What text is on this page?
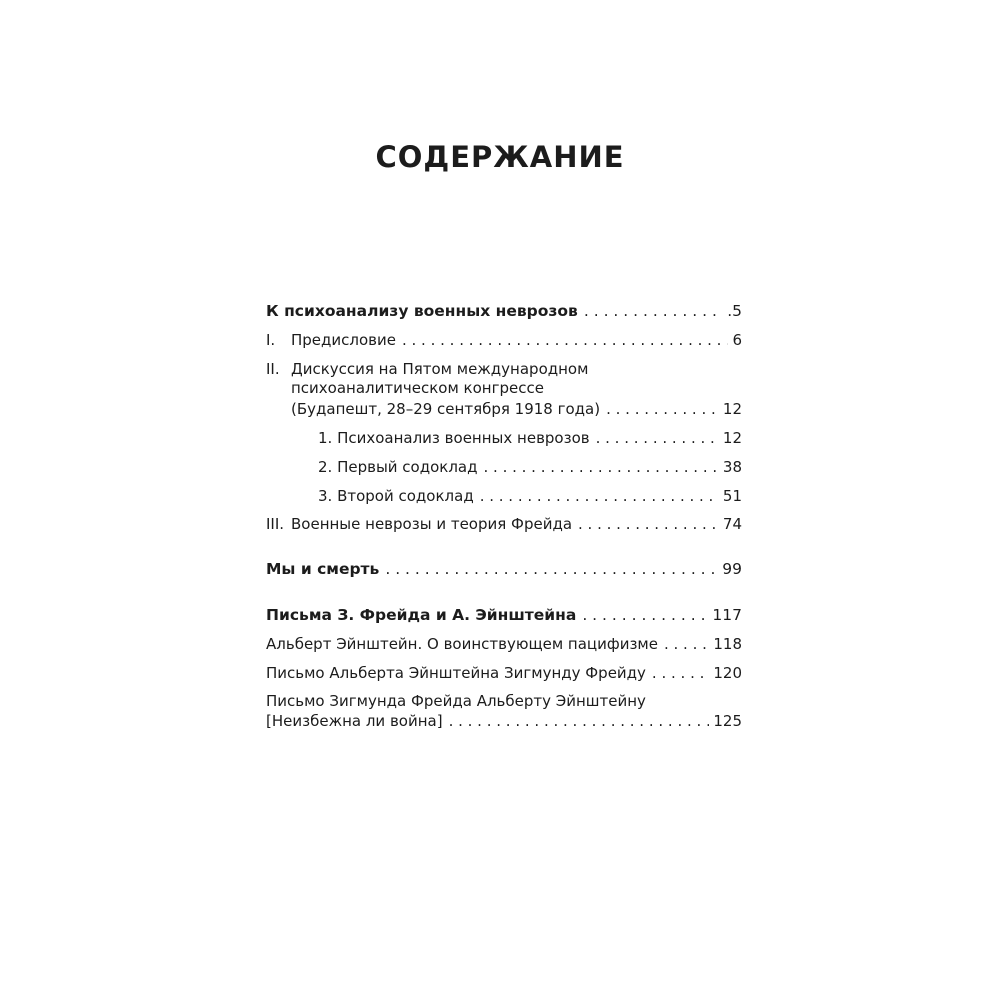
СОДЕРЖАНИЕ
К психоанализу военных неврозов . . .	.5
I.	Предисловие . . .	6
II. Дискуссия на Пятом международном
психоаналитическом конгрессе
(Будапешт, 28–29 сентября 1918 года) . . .	12
1. Психоанализ военных неврозов . . .	12
2. Первый содоклад . . .	38
3. Второй содоклад . . .	51
III. Военные неврозы и теория Фрейда . . .	74
Мы и смерть . . .	99
Письма З. Фрейда и А. Эйнштейна . . .	117
Альберт Эйнштейн. О воинствующем пацифизме . . .	118
Письмо Альберта Эйнштейна Зигмунду Фрейду . . .	120
Письмо Зигмунда Фрейда Альберту Эйнштейну
[Неизбежна ли война] . . .	125
